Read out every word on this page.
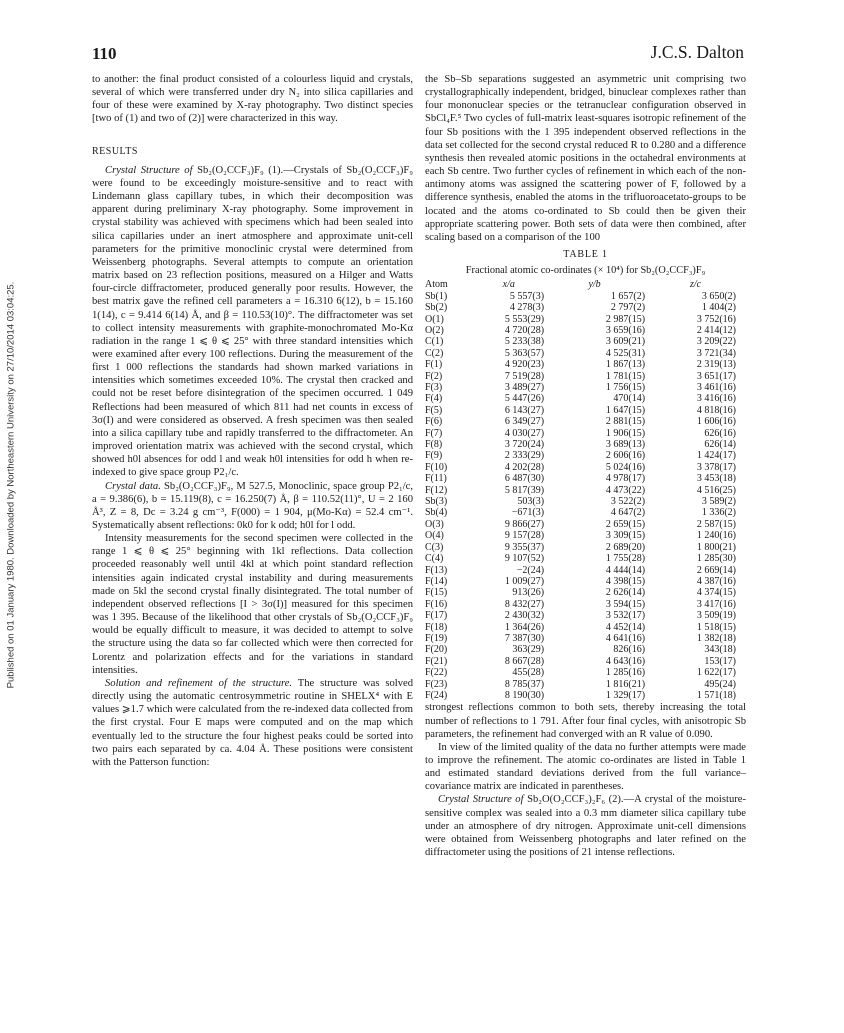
Published on 01 January 1980. Downloaded by Northeastern University on 27/10/2014 03:04:25.
110	J.C.S. Dalton

to another: the final product consisted of a colourless liquid and crystals, several of which were transferred under dry N₂ into silica capillaries and four of these were examined by X-ray photography. Two distinct species [two of (1) and two of (2)] were characterized in this way.

RESULTS

Crystal Structure of Sb₂(O₂CCF₃)F₉ (1).—Crystals of Sb₂(O₂CCF₃)F₉ were found to be exceedingly moisture-sensitive and to react with Lindemann glass capillary tubes, in which their decomposition was apparent during preliminary X-ray photography. Some improvement in crystal stability was achieved with specimens which had been sealed into silica capillaries under an inert atmosphere and approximate unit-cell parameters for the primitive monoclinic crystal were determined from Weissenberg photographs. Several attempts to compute an orientation matrix based on 23 reflection positions, measured on a Hilger and Watts four-circle diffractometer, produced generally poor results. However, the best matrix gave the refined cell parameters a = 16.310 6(12), b = 15.160 1(14), c = 9.414 6(14) Å, and β = 110.53(10)°. The diffractometer was set to collect intensity measurements with graphite-monochromated Mo-Kα radiation in the range 1 ⩽ θ ⩽ 25° with three standard intensities which were examined after every 100 reflections. During the measurement of the first 1 000 reflections the standards had shown marked variations in intensities which sometimes exceeded 10%. The crystal then cracked and could not be reset before disintegration of the specimen occurred. 1 049 Reflections had been measured of which 811 had net counts in excess of 3σ(I) and were considered as observed. A fresh specimen was then sealed into a silica capillary tube and rapidly transferred to the diffractometer. An improved orientation matrix was achieved with the second crystal, which showed h0l absences for odd l and weak h0l intensities for odd h when re-indexed to give space group P2₁/c.

Crystal data. Sb₂(O₂CCF₃)F₉, M 527.5, Monoclinic, space group P2₁/c, a = 9.386(6), b = 15.119(8), c = 16.250(7) Å, β = 110.52(11)°, U = 2 160 Å³, Z = 8, Dc = 3.24 g cm⁻³, F(000) = 1 904, μ(Mo-Kα) = 52.4 cm⁻¹. Systematically absent reflections: 0k0 for k odd; h0l for l odd.

Intensity measurements for the second specimen were collected in the range 1 ⩽ θ ⩽ 25° beginning with 1kl reflections. Data collection proceeded reasonably well until 4kl at which point standard reflection intensities again indicated crystal instability and during measurements made on 5kl the second crystal finally disintegrated. The total number of independent observed reflections [I > 3σ(I)] measured for this specimen was 1 395. Because of the likelihood that other crystals of Sb₂(O₂CCF₃)F₉ would be equally difficult to measure, it was decided to attempt to solve the structure using the data so far collected which were then corrected for Lorentz and polarization effects and for the variations in standard intensities.

Solution and refinement of the structure. The structure was solved directly using the automatic centrosymmetric routine in SHELX⁴ with E values ⩾1.7 which were calculated from the re-indexed data collected from the first crystal. Four E maps were computed and on the map which eventually led to the structure the four highest peaks could be sorted into two pairs each separated by ca. 4.04 Å. These positions were consistent with the Patterson function:

the Sb–Sb separations suggested an asymmetric unit comprising two crystallographically independent, bridged, binuclear complexes rather than four mononuclear species or the tetranuclear configuration observed in SbCl₄F.⁵ Two cycles of full-matrix least-squares isotropic refinement of the four Sb positions with the 1 395 independent observed reflections in the data set collected for the second crystal reduced R to 0.280 and a difference synthesis then revealed atomic positions in the octahedral environments at each Sb centre. Two further cycles of refinement in which each of the non-antimony atoms was assigned the scattering power of F, followed by a difference synthesis, enabled the atoms in the trifluoroacetato-groups to be located and the atoms co-ordinated to Sb could then be given their appropriate scattering power. Both sets of data were then combined, after scaling based on a comparison of the 100

TABLE 1
Fractional atomic co-ordinates (× 10⁴) for Sb₂(O₂CCF₃)F₉
Atom	x/a	y/b	z/c
Sb(1)	5 557(3)	1 657(2)	3 650(2)
Sb(2)	4 278(3)	2 797(2)	1 404(2)
O(1)	5 553(29)	2 987(15)	3 752(16)
O(2)	4 720(28)	3 659(16)	2 414(12)
C(1)	5 233(38)	3 609(21)	3 209(22)
C(2)	5 363(57)	4 525(31)	3 721(34)
F(1)	4 920(23)	1 867(13)	2 319(13)
F(2)	7 519(28)	1 781(15)	3 651(17)
F(3)	3 489(27)	1 756(15)	3 461(16)
F(4)	5 447(26)	470(14)	3 416(16)
F(5)	6 143(27)	1 647(15)	4 818(16)
F(6)	6 349(27)	2 881(15)	1 606(16)
F(7)	4 030(27)	1 906(15)	626(16)
F(8)	3 720(24)	3 689(13)	626(14)
F(9)	2 333(29)	2 606(16)	1 424(17)
F(10)	4 202(28)	5 024(16)	3 378(17)
F(11)	6 487(30)	4 978(17)	3 453(18)
F(12)	5 817(39)	4 473(22)	4 516(25)
Sb(3)	503(3)	3 522(2)	3 589(2)
Sb(4)	−671(3)	4 647(2)	1 336(2)
O(3)	9 866(27)	2 659(15)	2 587(15)
O(4)	9 157(28)	3 309(15)	1 240(16)
C(3)	9 355(37)	2 689(20)	1 800(21)
C(4)	9 107(52)	1 755(28)	1 285(30)
F(13)	−2(24)	4 444(14)	2 669(14)
F(14)	1 009(27)	4 398(15)	4 387(16)
F(15)	913(26)	2 626(14)	4 374(15)
F(16)	8 432(27)	3 594(15)	3 417(16)
F(17)	2 430(32)	3 532(17)	3 509(19)
F(18)	1 364(26)	4 452(14)	1 518(15)
F(19)	7 387(30)	4 641(16)	1 382(18)
F(20)	363(29)	826(16)	343(18)
F(21)	8 667(28)	4 643(16)	153(17)
F(22)	455(28)	1 285(16)	1 622(17)
F(23)	8 785(37)	1 816(21)	495(24)
F(24)	8 190(30)	1 329(17)	1 571(18)

strongest reflections common to both sets, thereby increasing the total number of reflections to 1 791. After four final cycles, with anisotropic Sb parameters, the refinement had converged with an R value of 0.090.

In view of the limited quality of the data no further attempts were made to improve the refinement. The atomic co-ordinates are listed in Table 1 and estimated standard deviations derived from the full variance–covariance matrix are indicated in parentheses.

Crystal Structure of Sb₂O(O₂CCF₃)₂F₆ (2).—A crystal of the moisture-sensitive complex was sealed into a 0.3 mm diameter silica capillary tube under an atmosphere of dry nitrogen. Approximate unit-cell dimensions were obtained from Weissenberg photographs and later refined on the diffractometer using the positions of 21 intense reflections.
